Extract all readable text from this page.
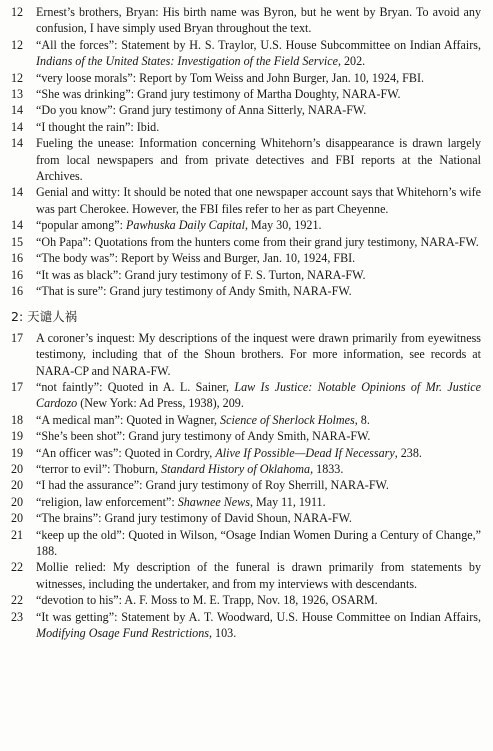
12	Ernest’s brothers, Bryan: His birth name was Byron, but he went by Bryan. To avoid any confusion, I have simply used Bryan throughout the text.
12	“All the forces”: Statement by H. S. Traylor, U.S. House Subcommittee on Indian Affairs, Indians of the United States: Investigation of the Field Service, 202.
12	“very loose morals”: Report by Tom Weiss and John Burger, Jan. 10, 1924, FBI.
13	“She was drinking”: Grand jury testimony of Martha Doughty, NARA-FW.
14	“Do you know”: Grand jury testimony of Anna Sitterly, NARA-FW.
14	“I thought the rain”: Ibid.
14	Fueling the unease: Information concerning Whitehorn’s disappearance is drawn largely from local newspapers and from private detectives and FBI reports at the National Archives.
14	Genial and witty: It should be noted that one newspaper account says that Whitehorn’s wife was part Cherokee. However, the FBI files refer to her as part Cheyenne.
14	“popular among”: Pawhuska Daily Capital, May 30, 1921.
15	“Oh Papa”: Quotations from the hunters come from their grand jury testimony, NARA-FW.
16	“The body was”: Report by Weiss and Burger, Jan. 10, 1924, FBI.
16	“It was as black”: Grand jury testimony of F. S. Turton, NARA-FW.
16	“That is sure”: Grand jury testimony of Andy Smith, NARA-FW.
2: 天谴人祸
17	A coroner’s inquest: My descriptions of the inquest were drawn primarily from eyewitness testimony, including that of the Shoun brothers. For more information, see records at NARA-CP and NARA-FW.
17	“not faintly”: Quoted in A. L. Sainer, Law Is Justice: Notable Opinions of Mr. Justice Cardozo (New York: Ad Press, 1938), 209.
18	“A medical man”: Quoted in Wagner, Science of Sherlock Holmes, 8.
19	“She’s been shot”: Grand jury testimony of Andy Smith, NARA-FW.
19	“An officer was”: Quoted in Cordry, Alive If Possible—Dead If Necessary, 238.
20	“terror to evil”: Thoburn, Standard History of Oklahoma, 1833.
20	“I had the assurance”: Grand jury testimony of Roy Sherrill, NARA-FW.
20	“religion, law enforcement”: Shawnee News, May 11, 1911.
20	“The brains”: Grand jury testimony of David Shoun, NARA-FW.
21	“keep up the old”: Quoted in Wilson, “Osage Indian Women During a Century of Change,” 188.
22	Mollie relied: My description of the funeral is drawn primarily from statements by witnesses, including the undertaker, and from my interviews with descendants.
22	“devotion to his”: A. F. Moss to M. E. Trapp, Nov. 18, 1926, OSARM.
23	“It was getting”: Statement by A. T. Woodward, U.S. House Committee on Indian Affairs, Modifying Osage Fund Restrictions, 103.
